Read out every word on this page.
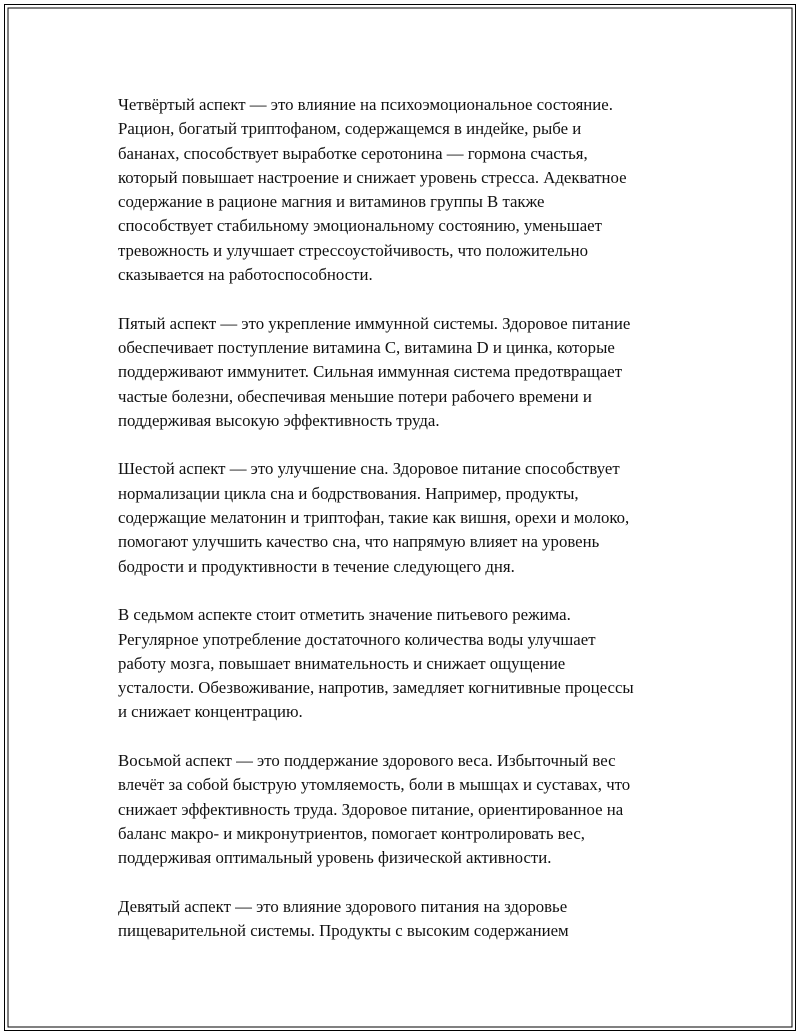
Четвёртый аспект — это влияние на психоэмоциональное состояние.
Рацион, богатый триптофаном, содержащемся в индейке, рыбе и
бананах, способствует выработке серотонина — гормона счастья,
который повышает настроение и снижает уровень стресса. Адекватное
содержание в рационе магния и витаминов группы B также
способствует стабильному эмоциональному состоянию, уменьшает
тревожность и улучшает стрессоустойчивость, что положительно
сказывается на работоспособности.

Пятый аспект — это укрепление иммунной системы. Здоровое питание
обеспечивает поступление витамина C, витамина D и цинка, которые
поддерживают иммунитет. Сильная иммунная система предотвращает
частые болезни, обеспечивая меньшие потери рабочего времени и
поддерживая высокую эффективность труда.

Шестой аспект — это улучшение сна. Здоровое питание способствует
нормализации цикла сна и бодрствования. Например, продукты,
содержащие мелатонин и триптофан, такие как вишня, орехи и молоко,
помогают улучшить качество сна, что напрямую влияет на уровень
бодрости и продуктивности в течение следующего дня.

В седьмом аспекте стоит отметить значение питьевого режима.
Регулярное употребление достаточного количества воды улучшает
работу мозга, повышает внимательность и снижает ощущение
усталости. Обезвоживание, напротив, замедляет когнитивные процессы
и снижает концентрацию.

Восьмой аспект — это поддержание здорового веса. Избыточный вес
влечёт за собой быструю утомляемость, боли в мышцах и суставах, что
снижает эффективность труда. Здоровое питание, ориентированное на
баланс макро- и микронутриентов, помогает контролировать вес,
поддерживая оптимальный уровень физической активности.

Девятый аспект — это влияние здорового питания на здоровье
пищеварительной системы. Продукты с высоким содержанием
